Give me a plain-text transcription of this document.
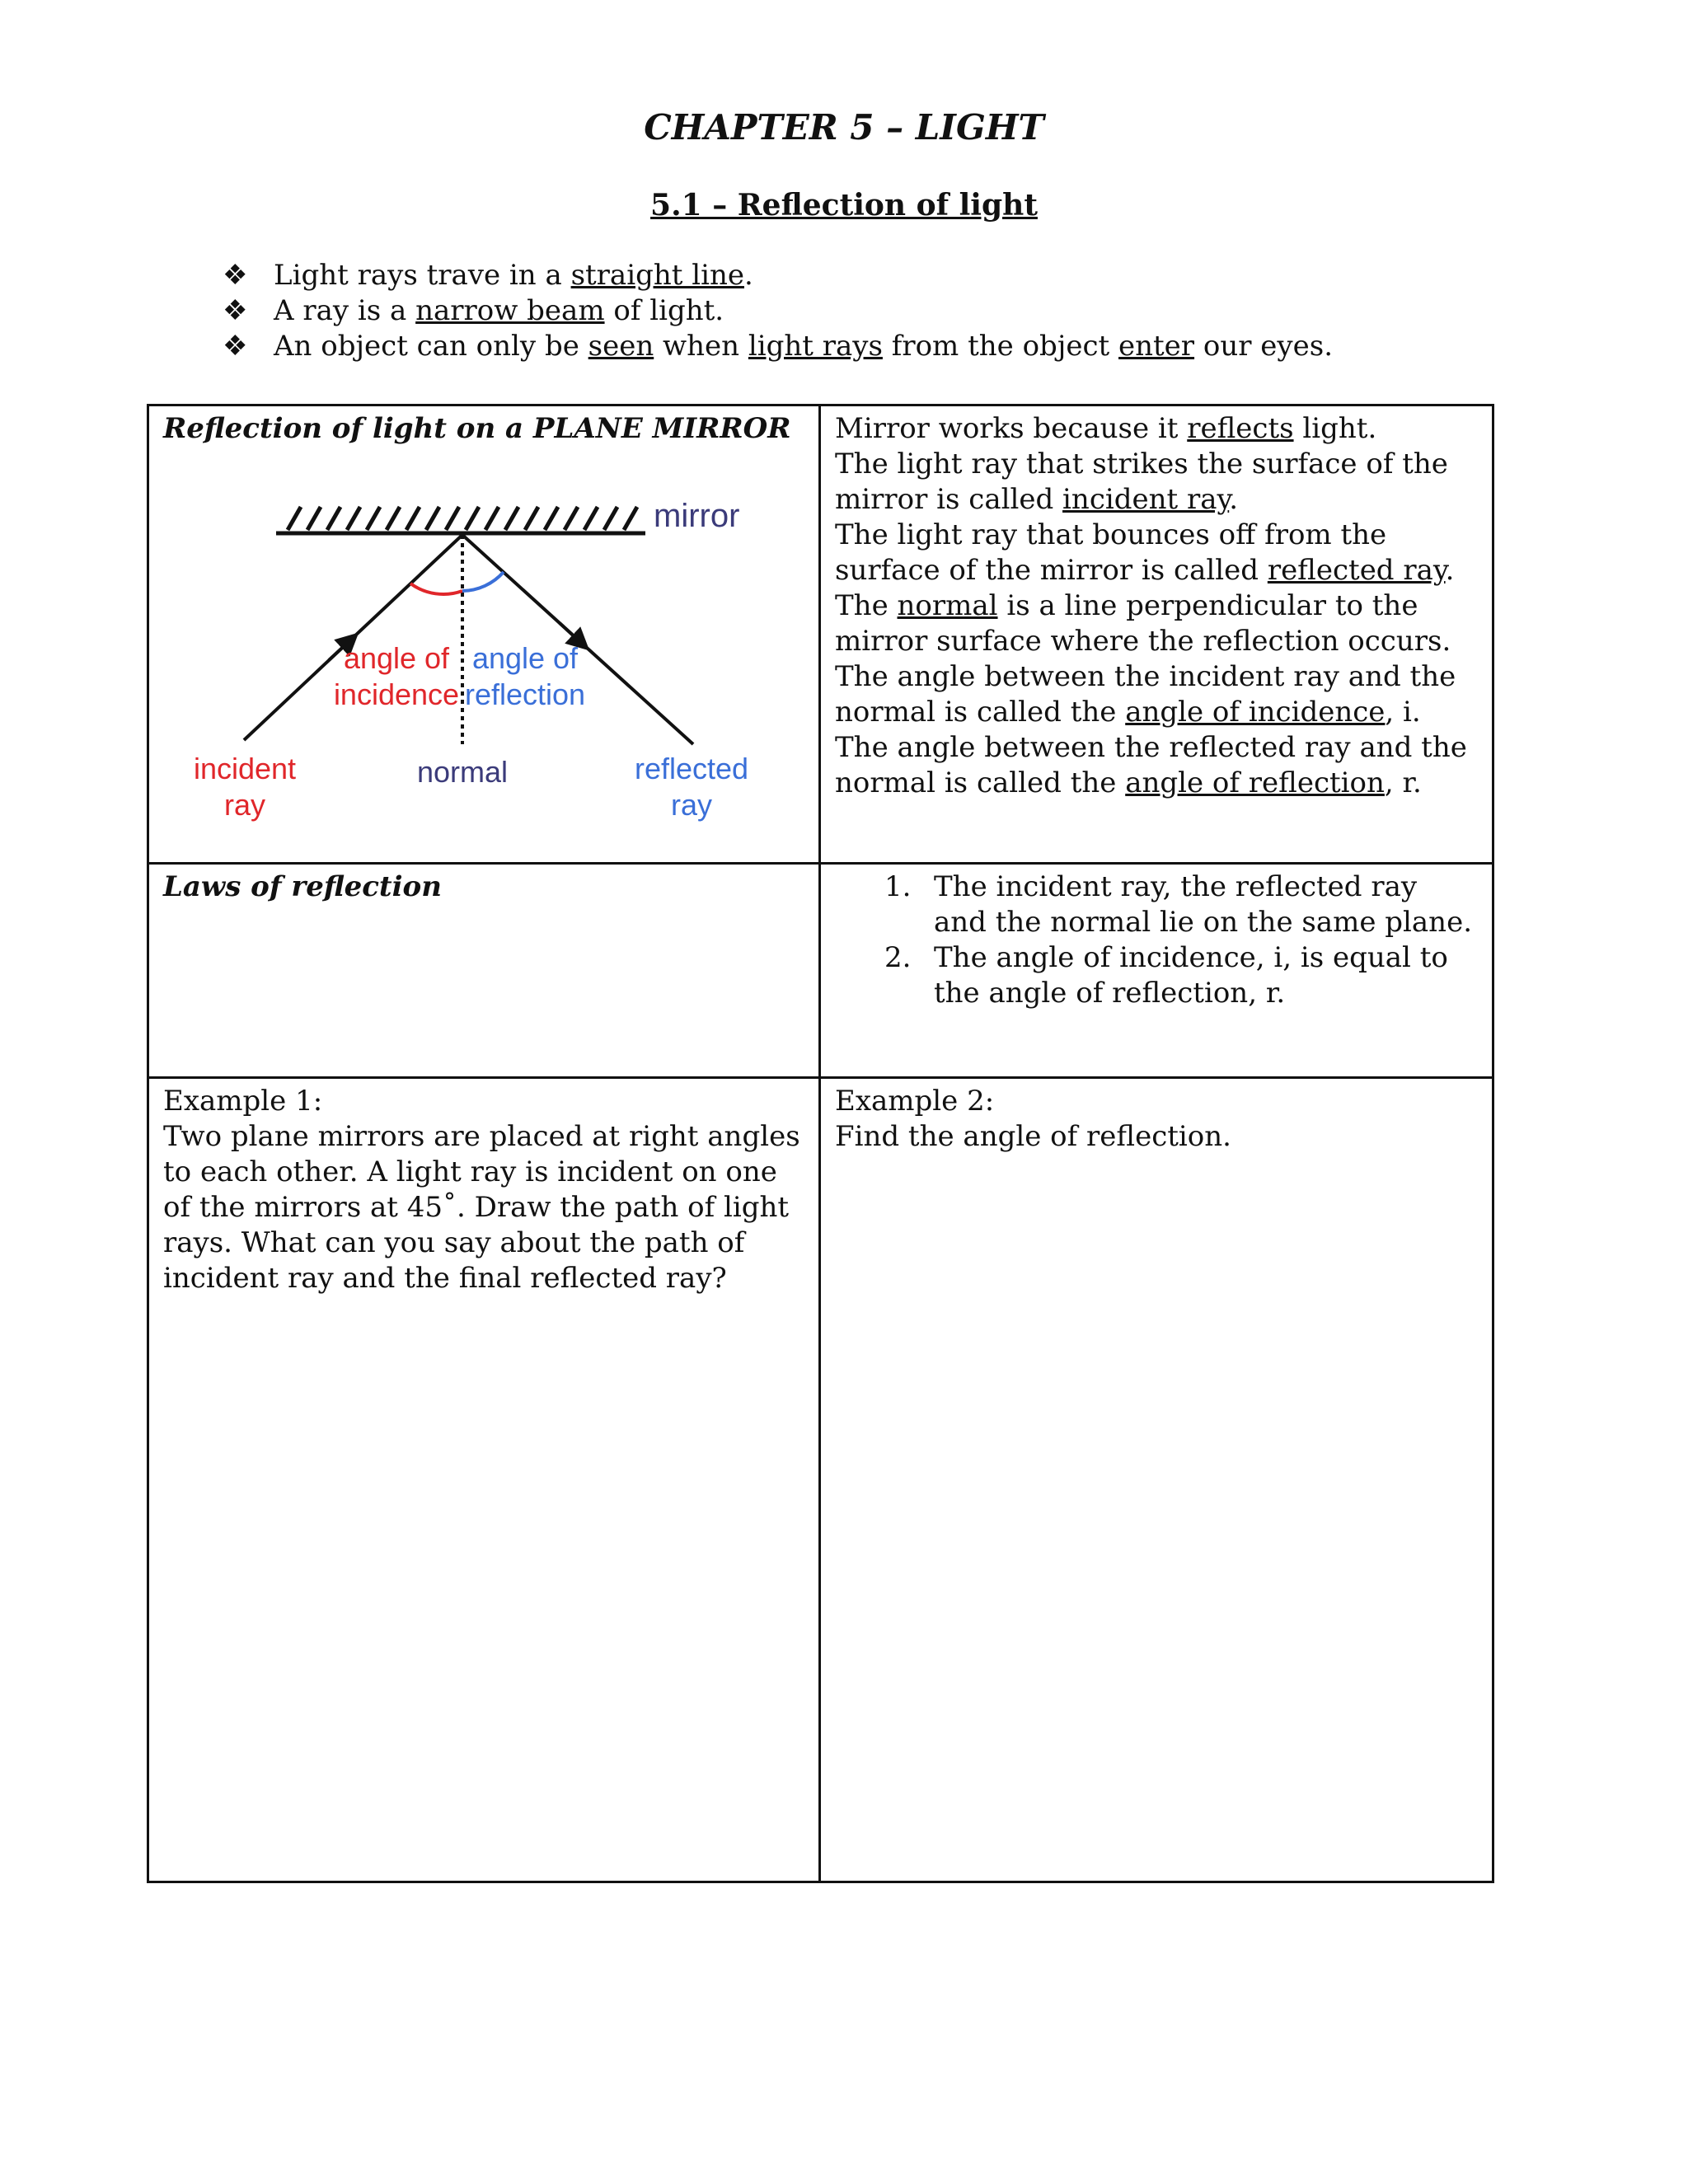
CHAPTER 5 – LIGHT
5.1 – Reflection of light
❖ Light rays trave in a straight line.
❖ A ray is a narrow beam of light.
❖ An object can only be seen when light rays from the object enter our eyes.
Reflection of light on a PLANE MIRROR
mirror
angle of
incidence
angle of
reflection
incident
ray
normal	reflected
ray

Mirror works because it reflects light.

The light ray that strikes the surface of the mirror is called incident ray.

The light ray that bounces off from the surface of the mirror is called reflected ray.

The normal is a line perpendicular to the mirror surface where the reflection occurs.

The angle between the incident ray and the normal is called the angle of incidence, i.

The angle between the reflected ray and the normal is called the angle of reflection, r.

Laws of reflection	1. The incident ray, the reflected ray and the normal lie on the same plane.
2. The angle of incidence, i, is equal to the angle of reflection, r.

Example 1:

Two plane mirrors are placed at right angles to each other. A light ray is incident on one of the mirrors at 45˚. Draw the path of light rays. What can you say about the path of incident ray and the final reflected ray?

Example 2:

Find the angle of reflection.
